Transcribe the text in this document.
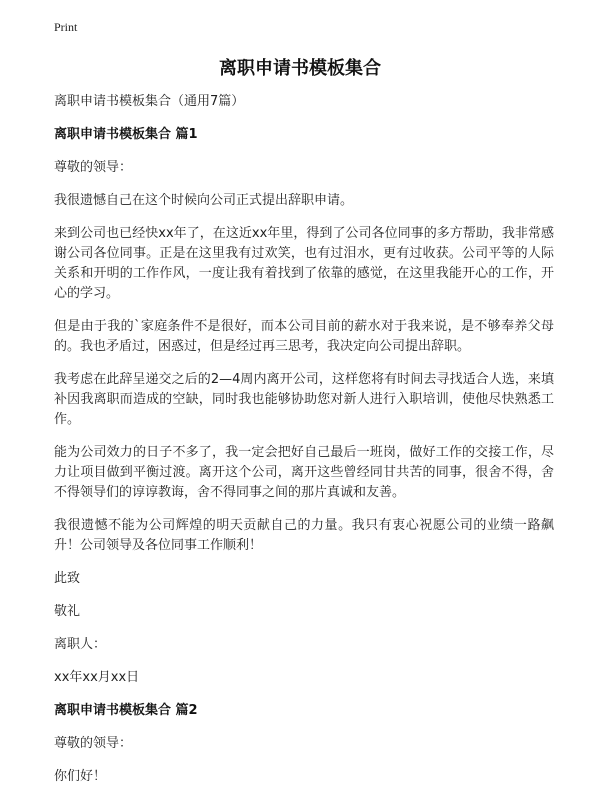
Print
离职申请书模板集合

离职申请书模板集合（通用7篇）

离职申请书模板集合 篇1

尊敬的领导：

我很遗憾自己在这个时候向公司正式提出辞职申请。

来到公司也已经快xx年了，在这近xx年里，得到了公司各位同事的多方帮助，我非常感谢公司各位同事。正是在这里我有过欢笑，也有过泪水，更有过收获。公司平等的人际关系和开明的工作作风，一度让我有着找到了依靠的感觉，在这里我能开心的工作，开心的学习。

但是由于我的`家庭条件不是很好，而本公司目前的薪水对于我来说，是不够奉养父母的。我也矛盾过，困惑过，但是经过再三思考，我决定向公司提出辞职。

我考虑在此辞呈递交之后的2—4周内离开公司，这样您将有时间去寻找适合人选，来填补因我离职而造成的空缺，同时我也能够协助您对新人进行入职培训，使他尽快熟悉工作。

能为公司效力的日子不多了，我一定会把好自己最后一班岗，做好工作的交接工作，尽力让项目做到平衡过渡。离开这个公司，离开这些曾经同甘共苦的同事，很舍不得，舍不得领导们的谆谆教诲，舍不得同事之间的那片真诚和友善。

我很遗憾不能为公司辉煌的明天贡献自己的力量。我只有衷心祝愿公司的业绩一路飙升！公司领导及各位同事工作顺利！

此致

敬礼

离职人：

xx年xx月xx日

离职申请书模板集合 篇2

尊敬的领导：

你们好！
